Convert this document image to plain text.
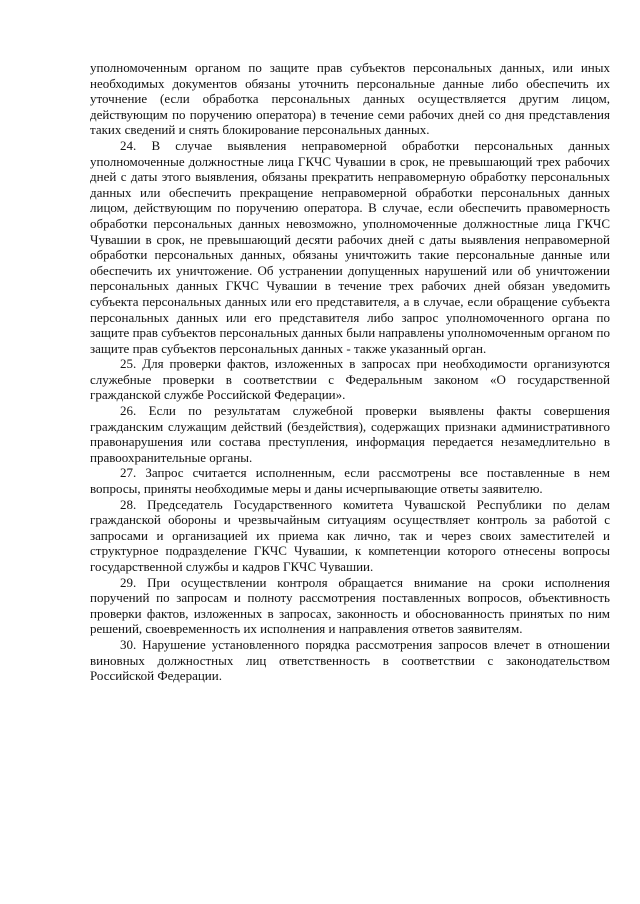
уполномоченным органом по защите прав субъектов персональных данных, или иных необходимых документов обязаны уточнить персональные данные либо обеспечить их уточнение (если обработка персональных данных осуществляется другим лицом, действующим по поручению оператора) в течение семи рабочих дней со дня представления таких сведений и снять блокирование персональных данных.

24. В случае выявления неправомерной обработки персональных данных уполномоченные должностные лица ГКЧС Чувашии в срок, не превышающий трех рабочих дней с даты этого выявления, обязаны прекратить неправомерную обработку персональных данных или обеспечить прекращение неправомерной обработки персональных данных лицом, действующим по поручению оператора. В случае, если обеспечить правомерность обработки персональных данных невозможно, уполномоченные должностные лица ГКЧС Чувашии в срок, не превышающий десяти рабочих дней с даты выявления неправомерной обработки персональных данных, обязаны уничтожить такие персональные данные или обеспечить их уничтожение. Об устранении допущенных нарушений или об уничтожении персональных данных ГКЧС Чувашии в течение трех рабочих дней обязан уведомить субъекта персональных данных или его представителя, а в случае, если обращение субъекта персональных данных или его представителя либо запрос уполномоченного органа по защите прав субъектов персональных данных были направлены уполномоченным органом по защите прав субъектов персональных данных - также указанный орган.

25. Для проверки фактов, изложенных в запросах при необходимости организуются служебные проверки в соответствии с Федеральным законом «О государственной гражданской службе Российской Федерации».

26. Если по результатам служебной проверки выявлены факты совершения гражданским служащим действий (бездействия), содержащих признаки административного правонарушения или состава преступления, информация передается незамедлительно в правоохранительные органы.

27. Запрос считается исполненным, если рассмотрены все поставленные в нем вопросы, приняты необходимые меры и даны исчерпывающие ответы заявителю.

28. Председатель Государственного комитета Чувашской Республики по делам гражданской обороны и чрезвычайным ситуациям осуществляет контроль за работой с запросами и организацией их приема как лично, так и через своих заместителей и структурное подразделение ГКЧС Чувашии, к компетенции которого отнесены вопросы государственной службы и кадров ГКЧС Чувашии.

29. При осуществлении контроля обращается внимание на сроки исполнения поручений по запросам и полноту рассмотрения поставленных вопросов, объективность проверки фактов, изложенных в запросах, законность и обоснованность принятых по ним решений, своевременность их исполнения и направления ответов заявителям.

30. Нарушение установленного порядка рассмотрения запросов влечет в отношении виновных должностных лиц ответственность в соответствии с законодательством Российской Федерации.
